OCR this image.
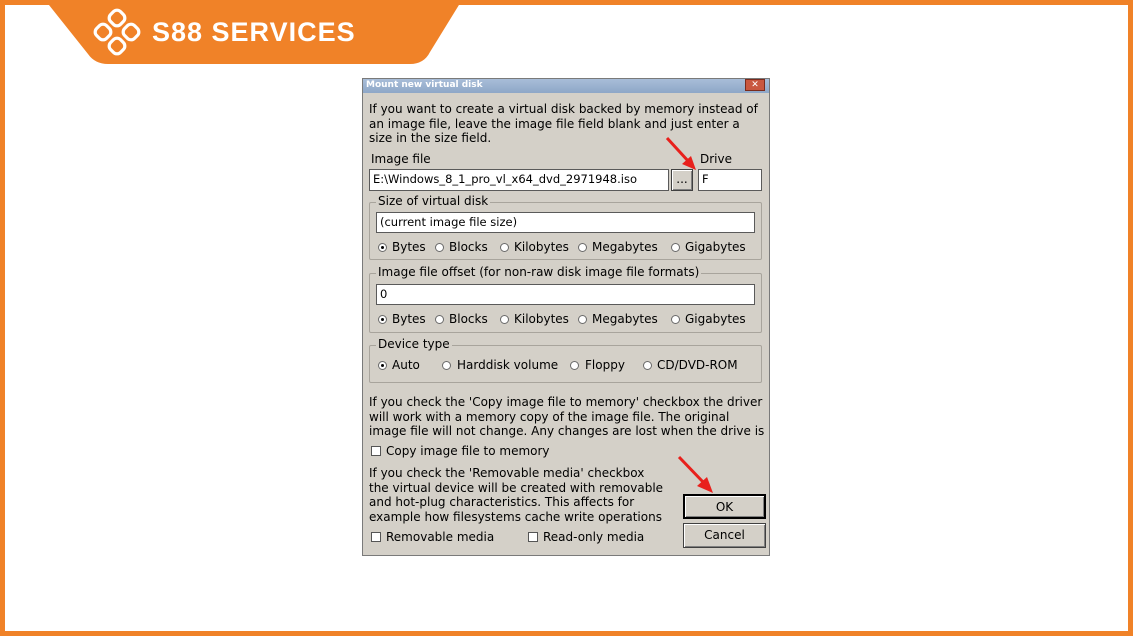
S88 SERVICES
Mount new virtual disk	✕
If you want to create a virtual disk backed by memory instead of an image file, leave the image file field blank and just enter a size in the size field.
Image file
E:\Windows_8_1_pro_vl_x64_dvd_2971948.iso	...
Drive
F
Size of virtual disk
(current image file size)
Bytes Blocks Kilobytes Megabytes Gigabytes
Image file offset (for non-raw disk image file formats)
0
Bytes Blocks Kilobytes Megabytes Gigabytes
Device type
Auto	Harddisk volume Floppy	CD/DVD-ROM
If you check the 'Copy image file to memory' checkbox the driver will work with a memory copy of the image file. The original image file will not change. Any changes are lost when the drive is
Copy image file to memory
If you check the 'Removable media' checkbox the virtual device will be created with removable and hot-plug characteristics. This affects for example how filesystems cache write operations
Removable media	Read-only media
OK
Cancel
